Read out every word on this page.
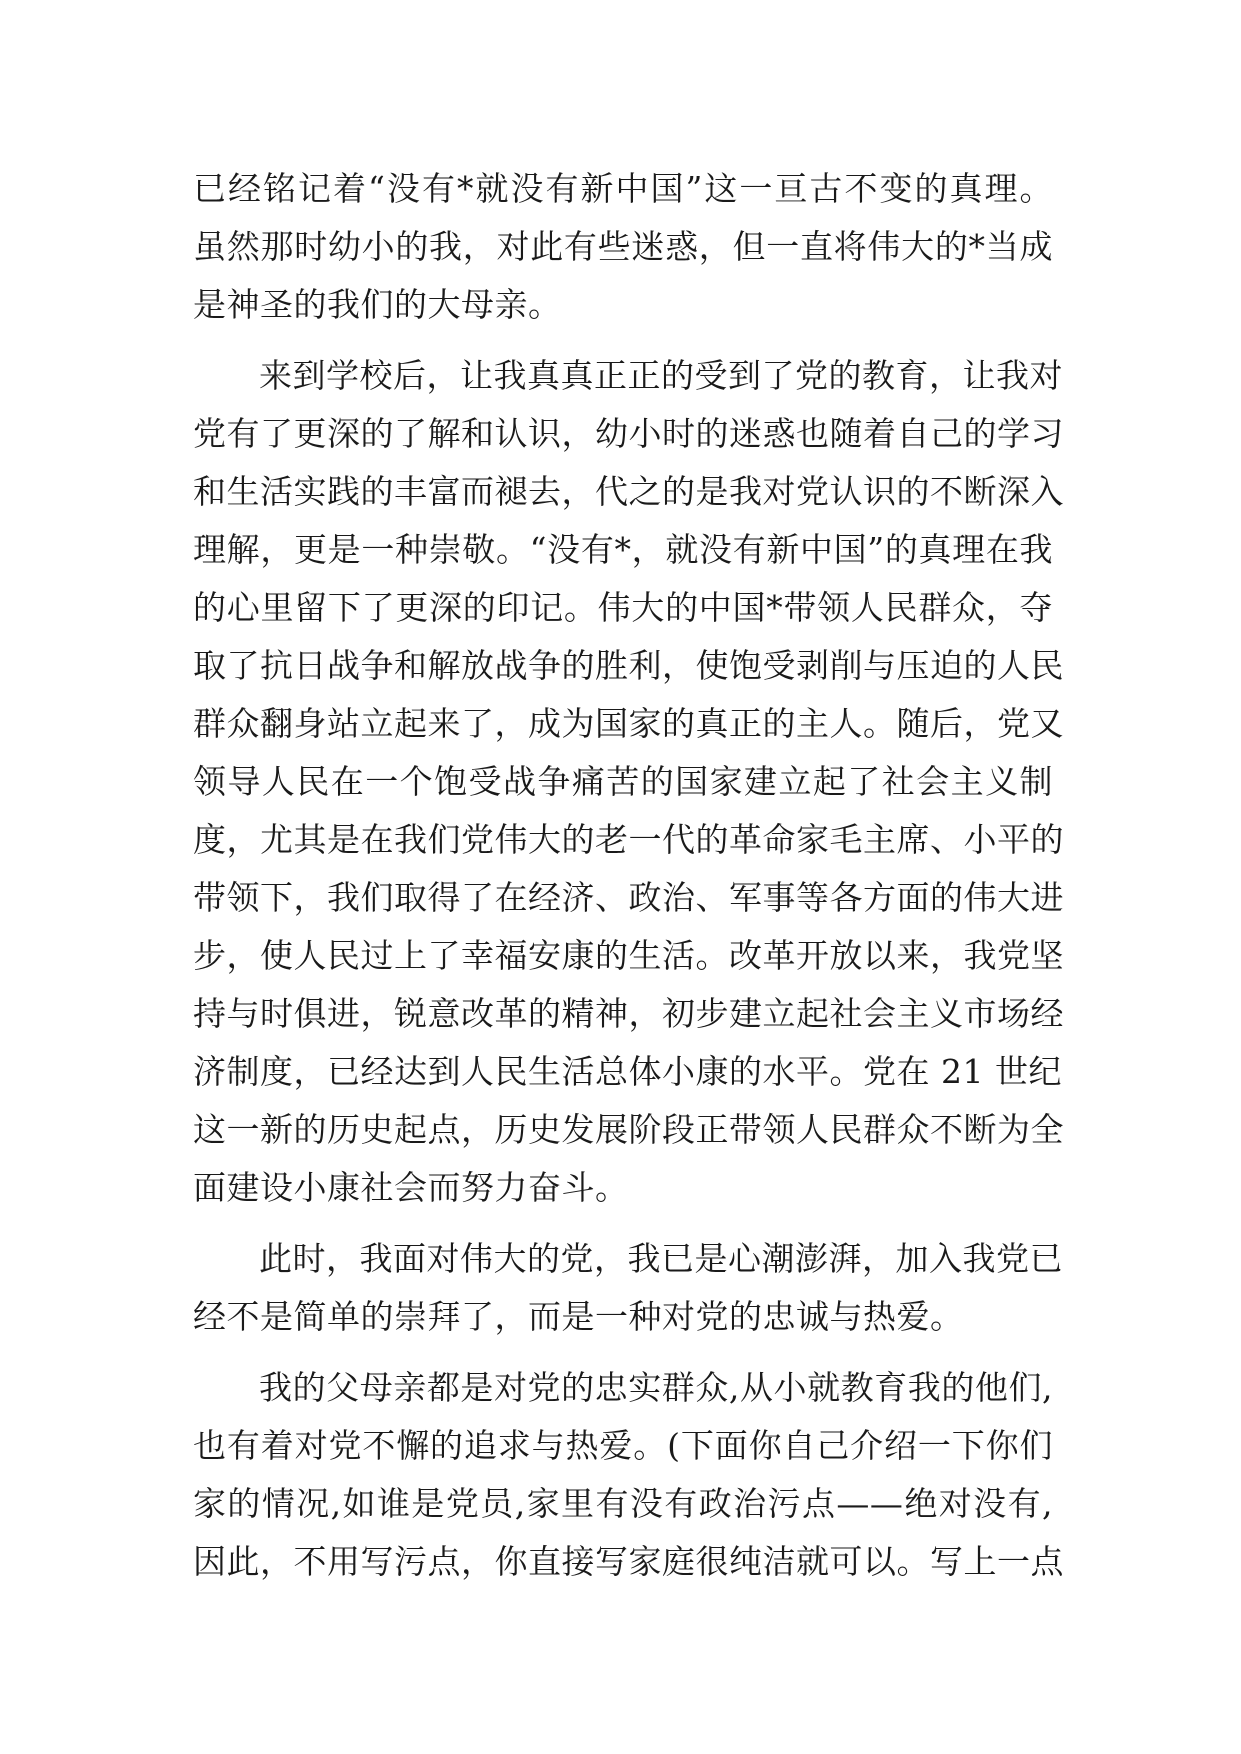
已经铭记着“没有*就没有新中国”这一亘古不变的真理。
虽然那时幼小的我，对此有些迷惑，但一直将伟大的*当成
是神圣的我们的大母亲。
来到学校后，让我真真正正的受到了党的教育，让我对
党有了更深的了解和认识，幼小时的迷惑也随着自己的学习
和生活实践的丰富而褪去，代之的是我对党认识的不断深入
理解，更是一种崇敬。“没有*，就没有新中国”的真理在我
的心里留下了更深的印记。伟大的中国*带领人民群众，夺
取了抗日战争和解放战争的胜利，使饱受剥削与压迫的人民
群众翻身站立起来了，成为国家的真正的主人。随后，党又
领导人民在一个饱受战争痛苦的国家建立起了社会主义制
度，尤其是在我们党伟大的老一代的革命家毛主席、小平的
带领下，我们取得了在经济、政治、军事等各方面的伟大进
步，使人民过上了幸福安康的生活。改革开放以来，我党坚
持与时俱进，锐意改革的精神，初步建立起社会主义市场经
济制度，已经达到人民生活总体小康的水平。党在 21 世纪
这一新的历史起点，历史发展阶段正带领人民群众不断为全
面建设小康社会而努力奋斗。
此时，我面对伟大的党，我已是心潮澎湃，加入我党已
经不是简单的崇拜了，而是一种对党的忠诚与热爱。
我的父母亲都是对党的忠实群众,从小就教育我的他们,
也有着对党不懈的追求与热爱。(下面你自己介绍一下你们
家的情况,如谁是党员,家里有没有政治污点——绝对没有,
因此，不用写污点，你直接写家庭很纯洁就可以。写上一点
